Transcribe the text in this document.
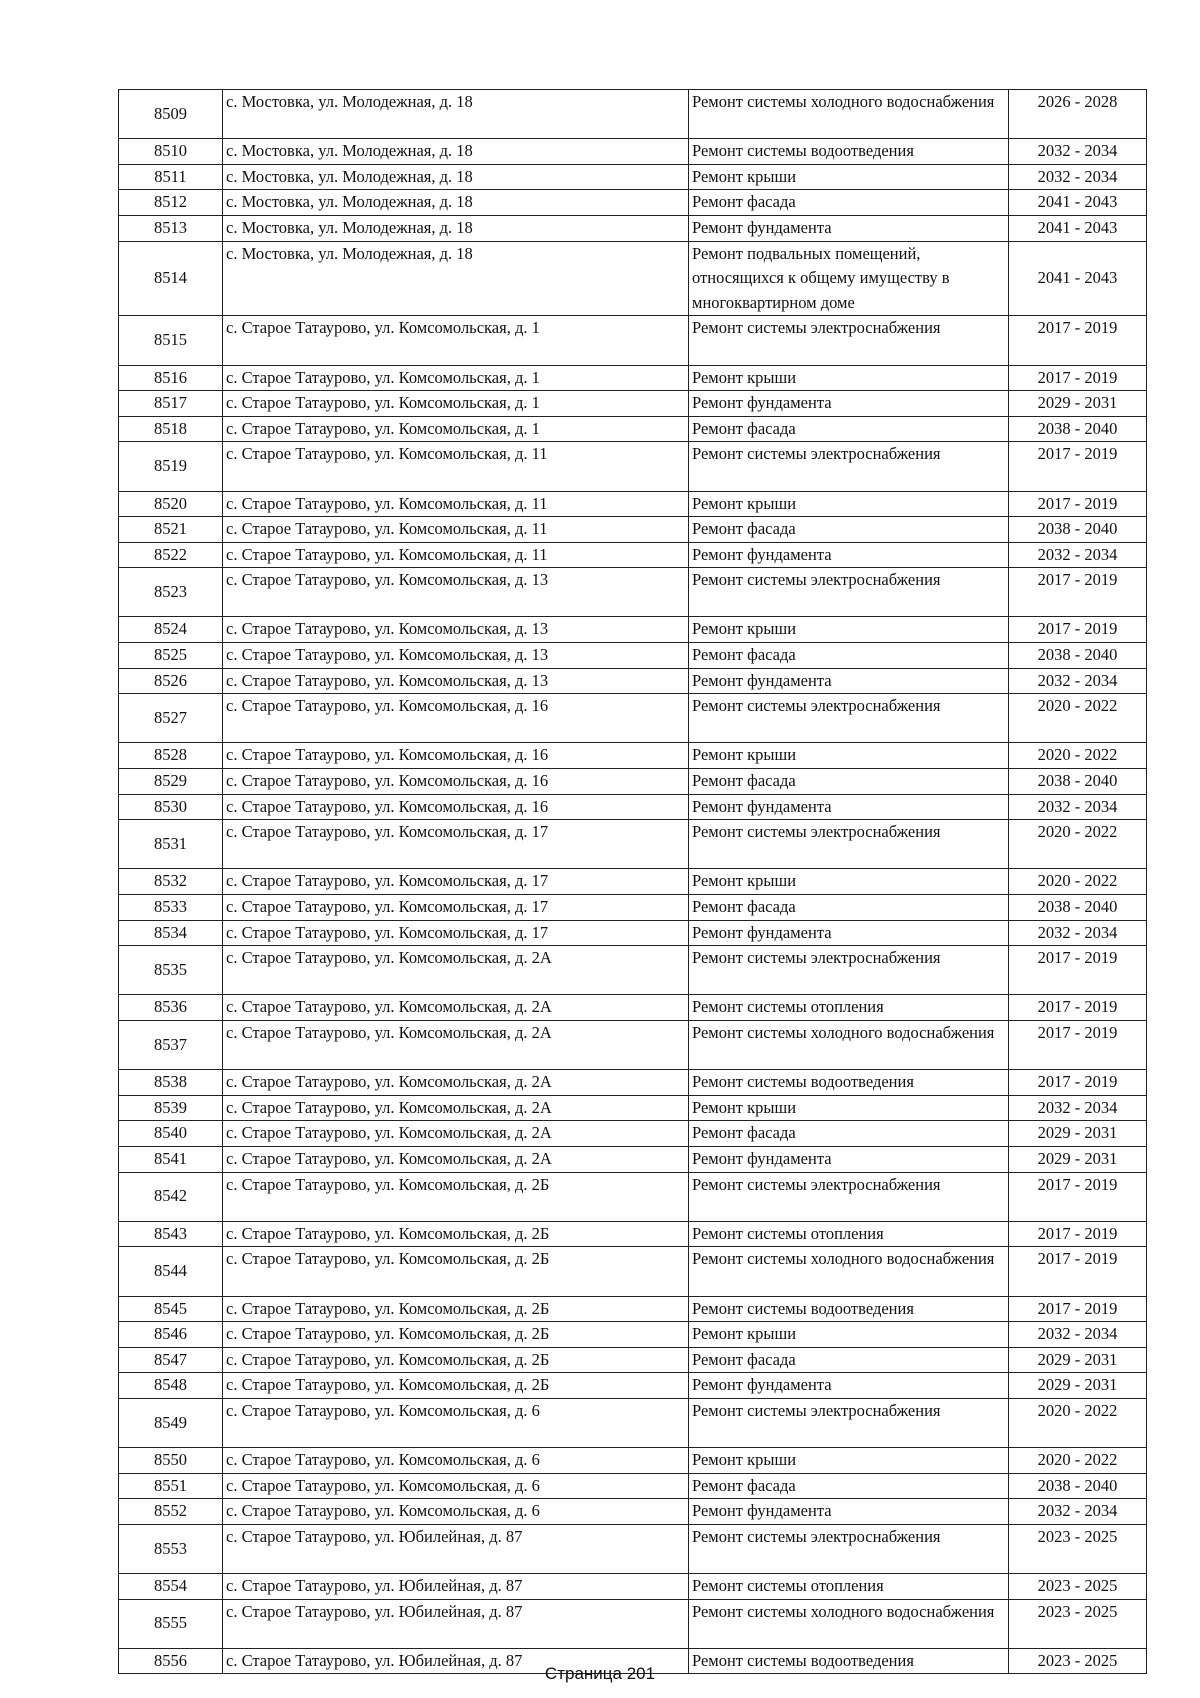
8509	с. Мостовка, ул. Молодежная, д. 18	Ремонт системы холодного водоснабжения	2026 - 2028
8510	с. Мостовка, ул. Молодежная, д. 18	Ремонт системы водоотведения	2032 - 2034
8511	с. Мостовка, ул. Молодежная, д. 18	Ремонт крыши	2032 - 2034
8512	с. Мостовка, ул. Молодежная, д. 18	Ремонт фасада	2041 - 2043
8513	с. Мостовка, ул. Молодежная, д. 18	Ремонт фундамента	2041 - 2043
8514	с. Мостовка, ул. Молодежная, д. 18	Ремонт подвальных помещений, относящихся к общему имуществу в многоквартирном доме	2041 - 2043
8515	с. Старое Татаурово, ул. Комсомольская, д. 1	Ремонт системы электроснабжения	2017 - 2019
8516	с. Старое Татаурово, ул. Комсомольская, д. 1	Ремонт крыши	2017 - 2019
8517	с. Старое Татаурово, ул. Комсомольская, д. 1	Ремонт фундамента	2029 - 2031
8518	с. Старое Татаурово, ул. Комсомольская, д. 1	Ремонт фасада	2038 - 2040
8519	с. Старое Татаурово, ул. Комсомольская, д. 11	Ремонт системы электроснабжения	2017 - 2019
8520	с. Старое Татаурово, ул. Комсомольская, д. 11	Ремонт крыши	2017 - 2019
8521	с. Старое Татаурово, ул. Комсомольская, д. 11	Ремонт фасада	2038 - 2040
8522	с. Старое Татаурово, ул. Комсомольская, д. 11	Ремонт фундамента	2032 - 2034
8523	с. Старое Татаурово, ул. Комсомольская, д. 13	Ремонт системы электроснабжения	2017 - 2019
8524	с. Старое Татаурово, ул. Комсомольская, д. 13	Ремонт крыши	2017 - 2019
8525	с. Старое Татаурово, ул. Комсомольская, д. 13	Ремонт фасада	2038 - 2040
8526	с. Старое Татаурово, ул. Комсомольская, д. 13	Ремонт фундамента	2032 - 2034
8527	с. Старое Татаурово, ул. Комсомольская, д. 16	Ремонт системы электроснабжения	2020 - 2022
8528	с. Старое Татаурово, ул. Комсомольская, д. 16	Ремонт крыши	2020 - 2022
8529	с. Старое Татаурово, ул. Комсомольская, д. 16	Ремонт фасада	2038 - 2040
8530	с. Старое Татаурово, ул. Комсомольская, д. 16	Ремонт фундамента	2032 - 2034
8531	с. Старое Татаурово, ул. Комсомольская, д. 17	Ремонт системы электроснабжения	2020 - 2022
8532	с. Старое Татаурово, ул. Комсомольская, д. 17	Ремонт крыши	2020 - 2022
8533	с. Старое Татаурово, ул. Комсомольская, д. 17	Ремонт фасада	2038 - 2040
8534	с. Старое Татаурово, ул. Комсомольская, д. 17	Ремонт фундамента	2032 - 2034
8535	с. Старое Татаурово, ул. Комсомольская, д. 2А	Ремонт системы электроснабжения	2017 - 2019
8536	с. Старое Татаурово, ул. Комсомольская, д. 2А	Ремонт системы отопления	2017 - 2019
8537	с. Старое Татаурово, ул. Комсомольская, д. 2А	Ремонт системы холодного водоснабжения	2017 - 2019
8538	с. Старое Татаурово, ул. Комсомольская, д. 2А	Ремонт системы водоотведения	2017 - 2019
8539	с. Старое Татаурово, ул. Комсомольская, д. 2А	Ремонт крыши	2032 - 2034
8540	с. Старое Татаурово, ул. Комсомольская, д. 2А	Ремонт фасада	2029 - 2031
8541	с. Старое Татаурово, ул. Комсомольская, д. 2А	Ремонт фундамента	2029 - 2031
8542	с. Старое Татаурово, ул. Комсомольская, д. 2Б	Ремонт системы электроснабжения	2017 - 2019
8543	с. Старое Татаурово, ул. Комсомольская, д. 2Б	Ремонт системы отопления	2017 - 2019
8544	с. Старое Татаурово, ул. Комсомольская, д. 2Б	Ремонт системы холодного водоснабжения	2017 - 2019
8545	с. Старое Татаурово, ул. Комсомольская, д. 2Б	Ремонт системы водоотведения	2017 - 2019
8546	с. Старое Татаурово, ул. Комсомольская, д. 2Б	Ремонт крыши	2032 - 2034
8547	с. Старое Татаурово, ул. Комсомольская, д. 2Б	Ремонт фасада	2029 - 2031
8548	с. Старое Татаурово, ул. Комсомольская, д. 2Б	Ремонт фундамента	2029 - 2031
8549	с. Старое Татаурово, ул. Комсомольская, д. 6	Ремонт системы электроснабжения	2020 - 2022
8550	с. Старое Татаурово, ул. Комсомольская, д. 6	Ремонт крыши	2020 - 2022
8551	с. Старое Татаурово, ул. Комсомольская, д. 6	Ремонт фасада	2038 - 2040
8552	с. Старое Татаурово, ул. Комсомольская, д. 6	Ремонт фундамента	2032 - 2034
8553	с. Старое Татаурово, ул. Юбилейная, д. 87	Ремонт системы электроснабжения	2023 - 2025
8554	с. Старое Татаурово, ул. Юбилейная, д. 87	Ремонт системы отопления	2023 - 2025
8555	с. Старое Татаурово, ул. Юбилейная, д. 87	Ремонт системы холодного водоснабжения	2023 - 2025
8556	с. Старое Татаурово, ул. Юбилейная, д. 87	Ремонт системы водоотведения	2023 - 2025
Страница 201
